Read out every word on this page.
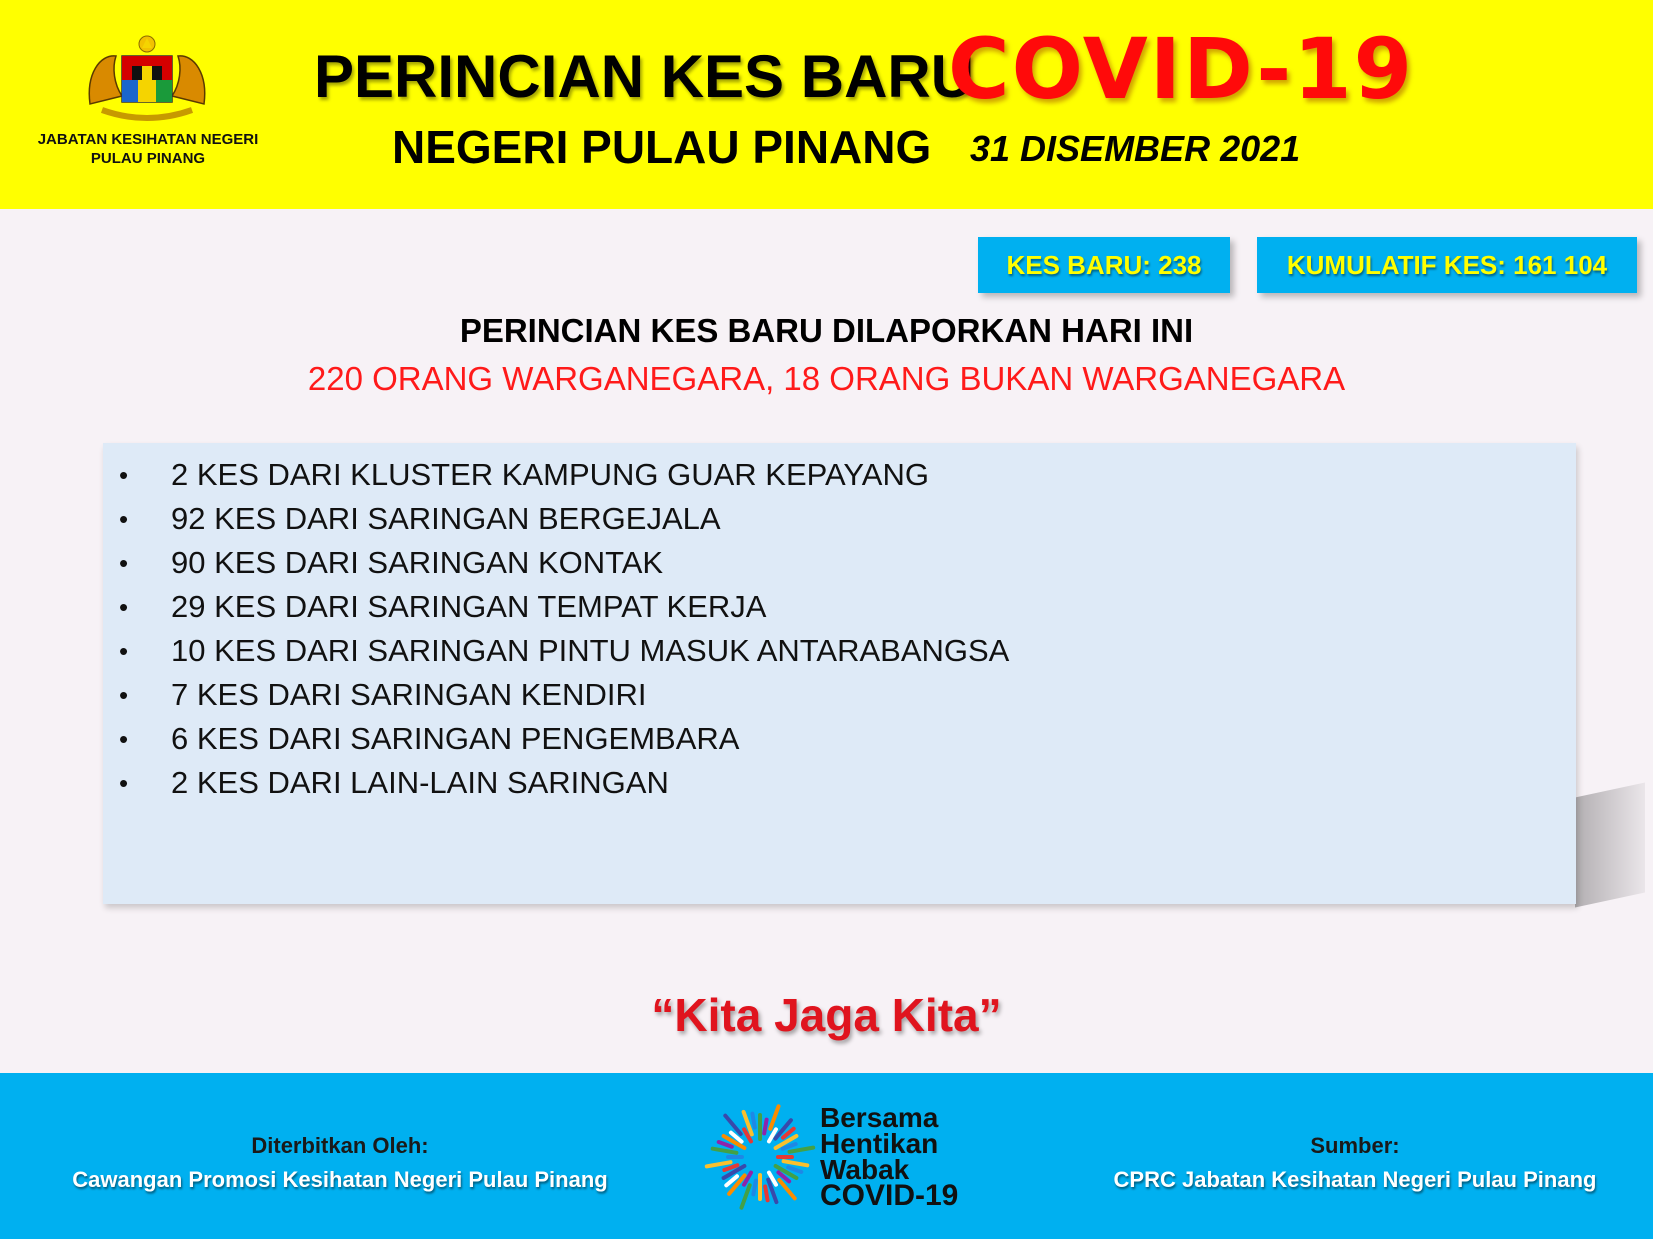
JABATAN KESIHATAN NEGERI
PULAU PINANG
PERINCIAN KES BARU
COVID-19
NEGERI PULAU PINANG 31 DISEMBER 2021
KES BARU: 238	KUMULATIF KES: 161 104
PERINCIAN KES BARU DILAPORKAN HARI INI
220 ORANG WARGANEGARA, 18 ORANG BUKAN WARGANEGARA
• 2 KES DARI KLUSTER KAMPUNG GUAR KEPAYANG
• 92 KES DARI SARINGAN BERGEJALA
• 90 KES DARI SARINGAN KONTAK
• 29 KES DARI SARINGAN TEMPAT KERJA
• 10 KES DARI SARINGAN PINTU MASUK ANTARABANGSA
• 7 KES DARI SARINGAN KENDIRI
• 6 KES DARI SARINGAN PENGEMBARA
• 2 KES DARI LAIN-LAIN SARINGAN
“Kita Jaga Kita”
Diterbitkan Oleh:
Cawangan Promosi Kesihatan Negeri Pulau Pinang
Bersama
Hentikan
Wabak
COVID-19
Sumber:
CPRC Jabatan Kesihatan Negeri Pulau Pinang
